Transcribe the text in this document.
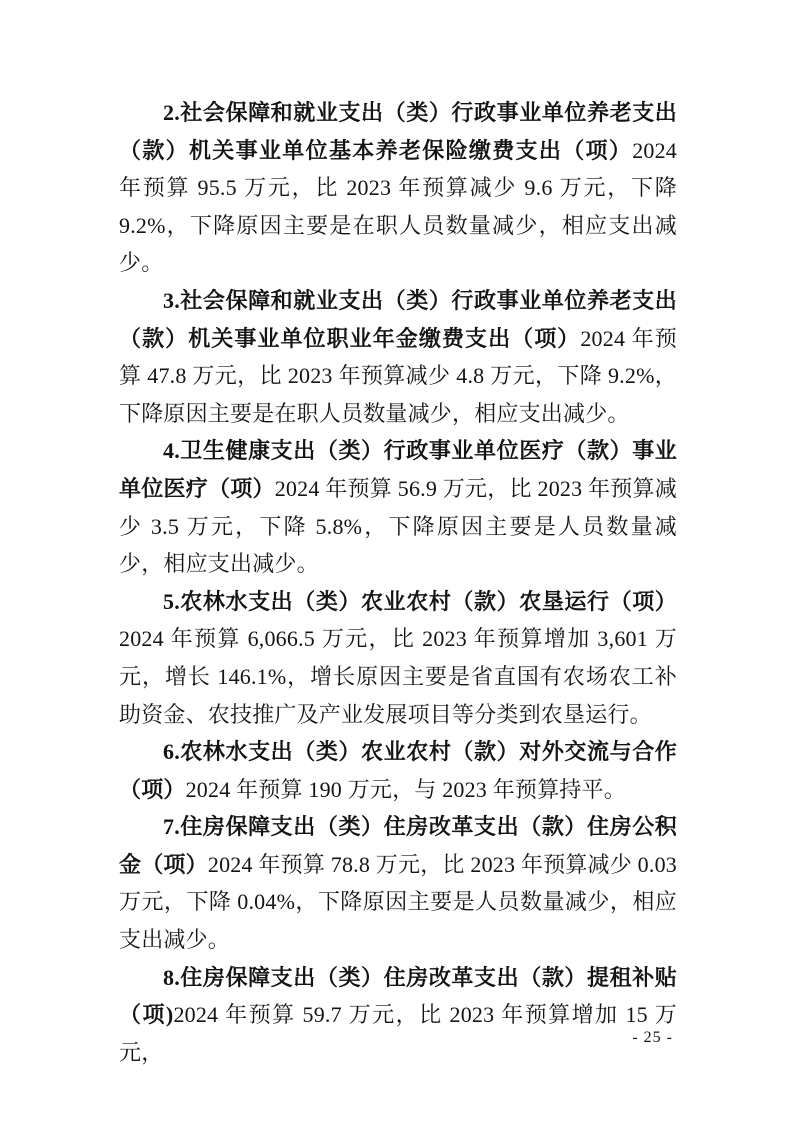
2.社会保障和就业支出（类）行政事业单位养老支出（款）机关事业单位基本养老保险缴费支出（项）2024 年预算 95.5 万元，比 2023 年预算减少 9.6 万元，下降 9.2%，下降原因主要是在职人员数量减少，相应支出减少。

3.社会保障和就业支出（类）行政事业单位养老支出（款）机关事业单位职业年金缴费支出（项）2024 年预算 47.8 万元，比 2023 年预算减少 4.8 万元，下降 9.2%，下降原因主要是在职人员数量减少，相应支出减少。

4.卫生健康支出（类）行政事业单位医疗（款）事业单位医疗（项）2024 年预算 56.9 万元，比 2023 年预算减少 3.5 万元，下降 5.8%，下降原因主要是人员数量减少，相应支出减少。

5.农林水支出（类）农业农村（款）农垦运行（项）2024 年预算 6,066.5 万元，比 2023 年预算增加 3,601 万元，增长 146.1%，增长原因主要是省直国有农场农工补助资金、农技推广及产业发展项目等分类到农垦运行。

6.农林水支出（类）农业农村（款）对外交流与合作（项）2024 年预算 190 万元，与 2023 年预算持平。

7.住房保障支出（类）住房改革支出（款）住房公积金（项）2024 年预算 78.8 万元，比 2023 年预算减少 0.03 万元，下降 0.04%，下降原因主要是人员数量减少，相应支出减少。

8.住房保障支出（类）住房改革支出（款）提租补贴（项)2024 年预算 59.7 万元，比 2023 年预算增加 15 万元，

- 25 -
